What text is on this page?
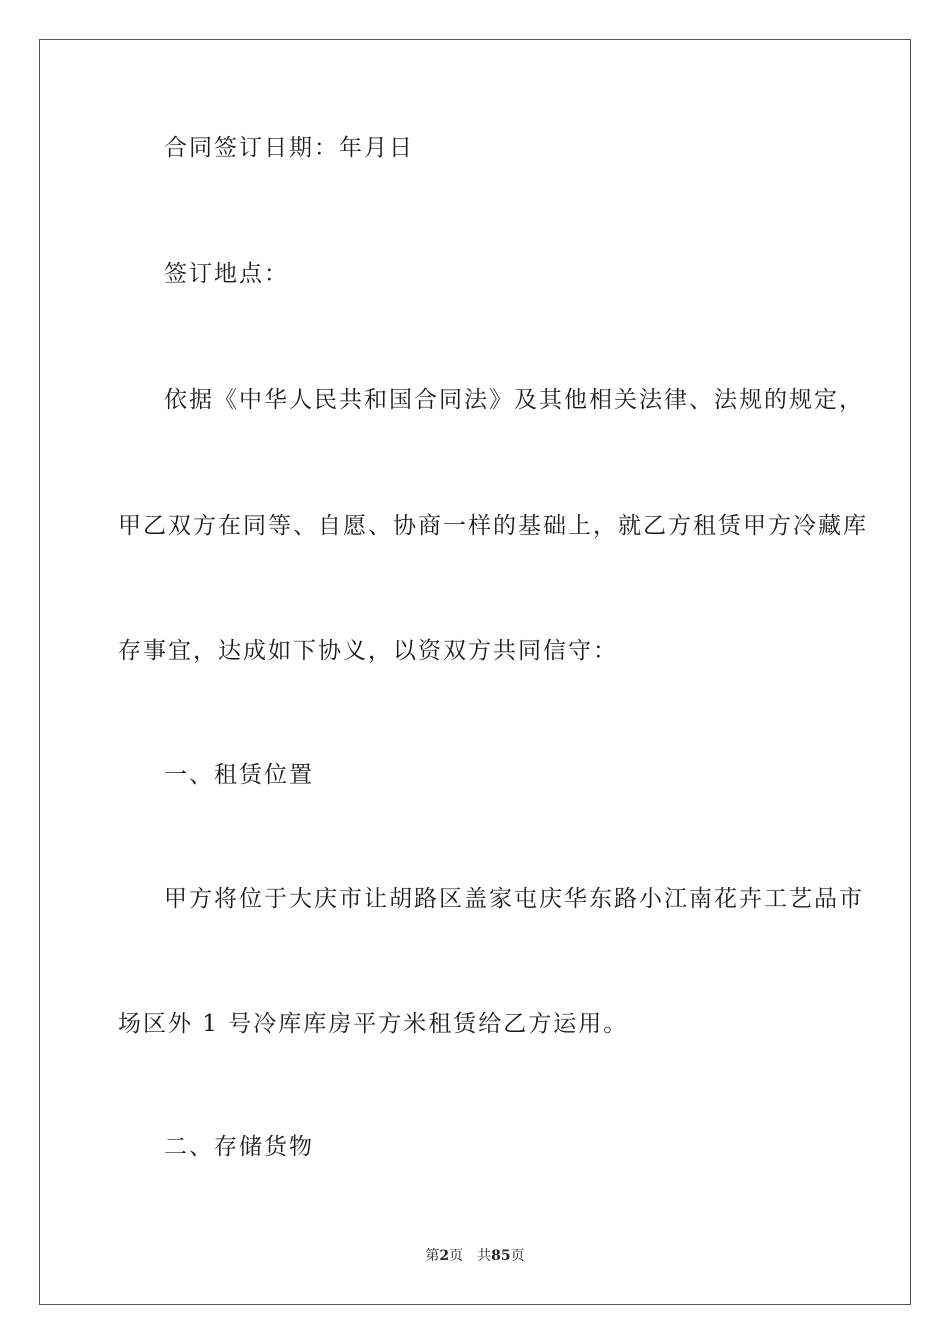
合同签订日期：年月日
签订地点：
依据《中华人民共和国合同法》及其他相关法律、法规的规定，
甲乙双方在同等、自愿、协商一样的基础上，就乙方租赁甲方冷藏库
存事宜，达成如下协义，以资双方共同信守：
一、租赁位置
甲方将位于大庆市让胡路区盖家屯庆华东路小江南花卉工艺品市
场区外 1 号冷库库房平方米租赁给乙方运用。
二、存储货物
第2页 共85页
